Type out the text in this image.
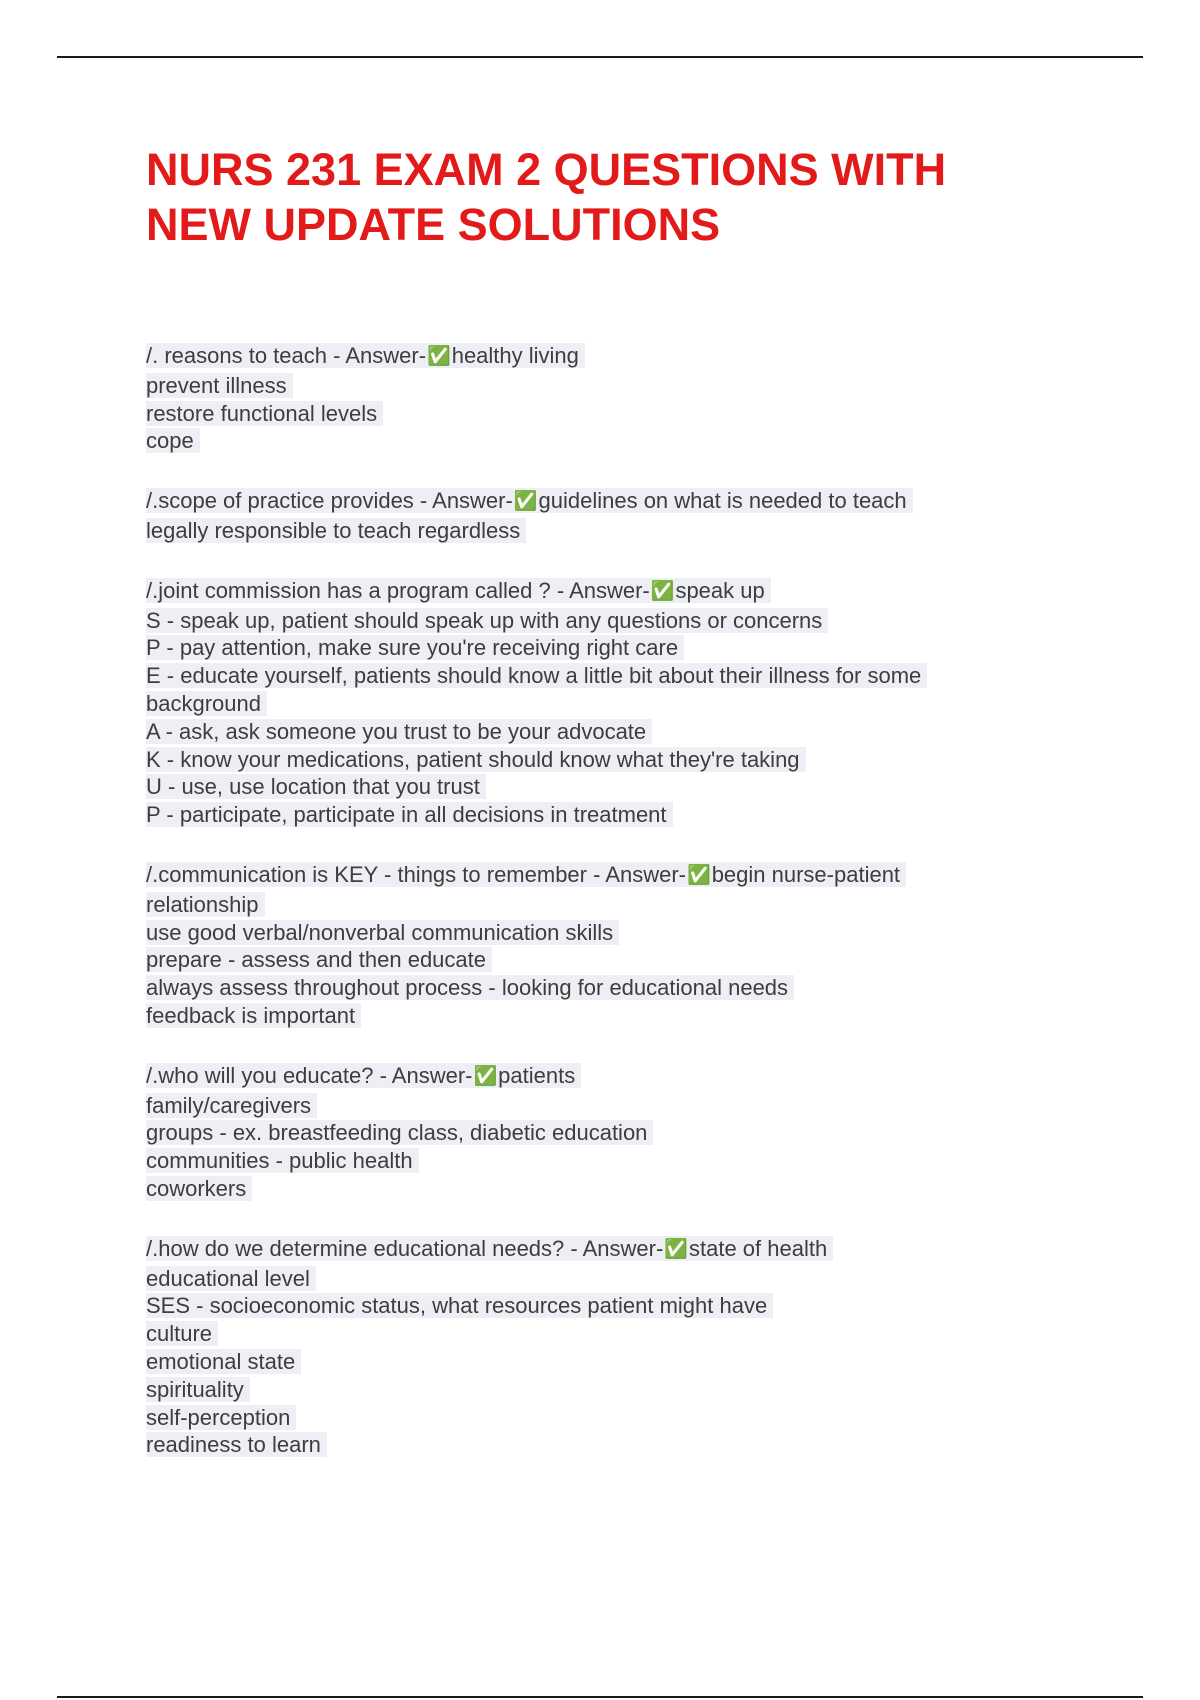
NURS 231 EXAM 2 QUESTIONS WITH
NEW UPDATE SOLUTIONS
/. reasons to teach - Answer-✅healthy living
prevent illness
restore functional levels
cope
/.scope of practice provides - Answer-✅guidelines on what is needed to teach
legally responsible to teach regardless
/.joint commission has a program called ? - Answer-✅speak up
S - speak up, patient should speak up with any questions or concerns
P - pay attention, make sure you're receiving right care
E - educate yourself, patients should know a little bit about their illness for some
background
A - ask, ask someone you trust to be your advocate
K - know your medications, patient should know what they're taking
U - use, use location that you trust
P - participate, participate in all decisions in treatment
/.communication is KEY - things to remember - Answer-✅begin nurse-patient
relationship
use good verbal/nonverbal communication skills
prepare - assess and then educate
always assess throughout process - looking for educational needs
feedback is important
/.who will you educate? - Answer-✅patients
family/caregivers
groups - ex. breastfeeding class, diabetic education
communities - public health
coworkers
/.how do we determine educational needs? - Answer-✅state of health
educational level
SES - socioeconomic status, what resources patient might have
culture
emotional state
spirituality
self-perception
readiness to learn
